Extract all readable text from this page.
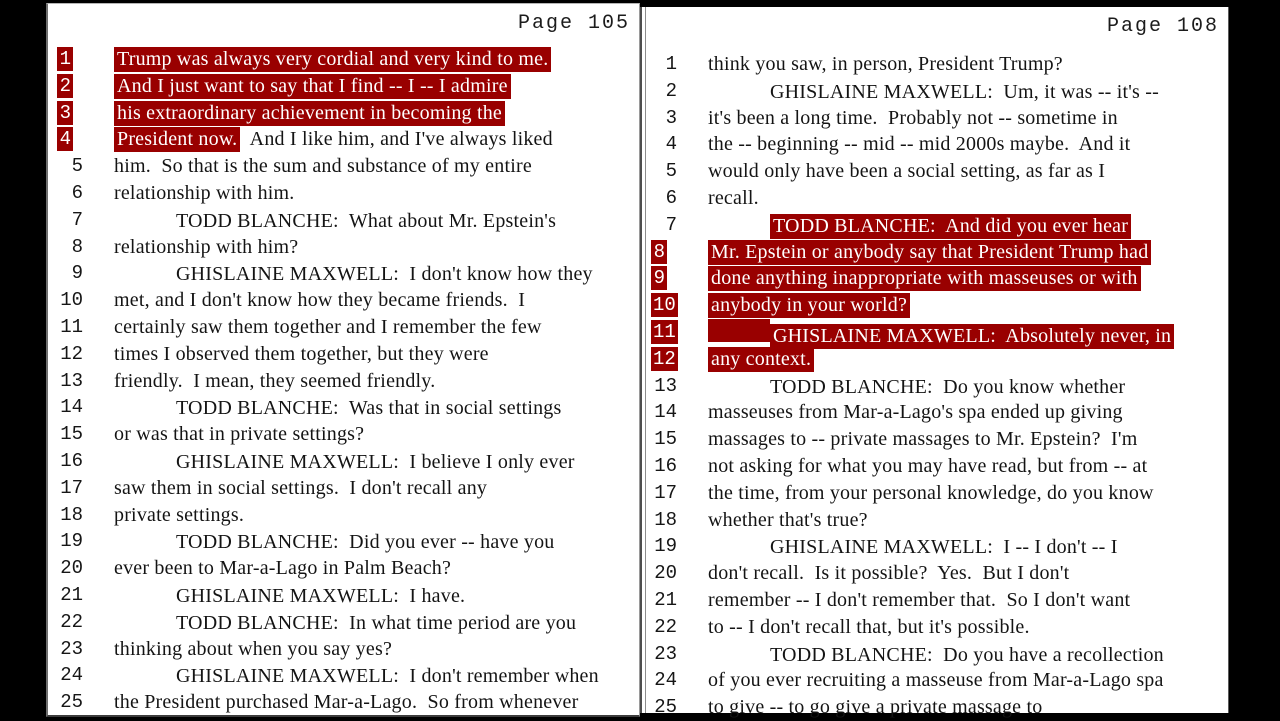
Page 105
1 Trump was always very cordial and very kind to me.
2 And I just want to say that I find -- I -- I admire
3 his extraordinary achievement in becoming the
4 President now.  And I like him, and I've always liked
5 him.  So that is the sum and substance of my entire
6 relationship with him.
7	TODD BLANCHE:  What about Mr. Epstein's
8 relationship with him?
9	GHISLAINE MAXWELL:  I don't know how they
10 met, and I don't know how they became friends.  I
11 certainly saw them together and I remember the few
12 times I observed them together, but they were
13 friendly.  I mean, they seemed friendly.
14	TODD BLANCHE:  Was that in social settings
15 or was that in private settings?
16	GHISLAINE MAXWELL:  I believe I only ever
17 saw them in social settings.  I don't recall any
18 private settings.
19	TODD BLANCHE:  Did you ever -- have you
20 ever been to Mar-a-Lago in Palm Beach?
21	GHISLAINE MAXWELL:  I have.
22	TODD BLANCHE:  In what time period are you
23 thinking about when you say yes?
24	GHISLAINE MAXWELL:  I don't remember when
25 the President purchased Mar-a-Lago.  So from whenever
Page 108
1 think you saw, in person, President Trump?
2	GHISLAINE MAXWELL:  Um, it was -- it's --
3 it's been a long time.  Probably not -- sometime in
4 the -- beginning -- mid -- mid 2000s maybe.  And it
5 would only have been a social setting, as far as I
6 recall.
7	TODD BLANCHE:  And did you ever hear
8 Mr. Epstein or anybody say that President Trump had
9 done anything inappropriate with masseuses or with
10 anybody in your world?
11	GHISLAINE MAXWELL:  Absolutely never, in
12 any context.
13	TODD BLANCHE:  Do you know whether
14 masseuses from Mar-a-Lago's spa ended up giving
15 massages to -- private massages to Mr. Epstein?  I'm
16 not asking for what you may have read, but from -- at
17 the time, from your personal knowledge, do you know
18 whether that's true?
19	GHISLAINE MAXWELL:  I -- I don't -- I
20 don't recall.  Is it possible?  Yes.  But I don't
21 remember -- I don't remember that.  So I don't want
22 to -- I don't recall that, but it's possible.
23	TODD BLANCHE:  Do you have a recollection
24 of you ever recruiting a masseuse from Mar-a-Lago spa
25 to give -- to go give a private massage to
